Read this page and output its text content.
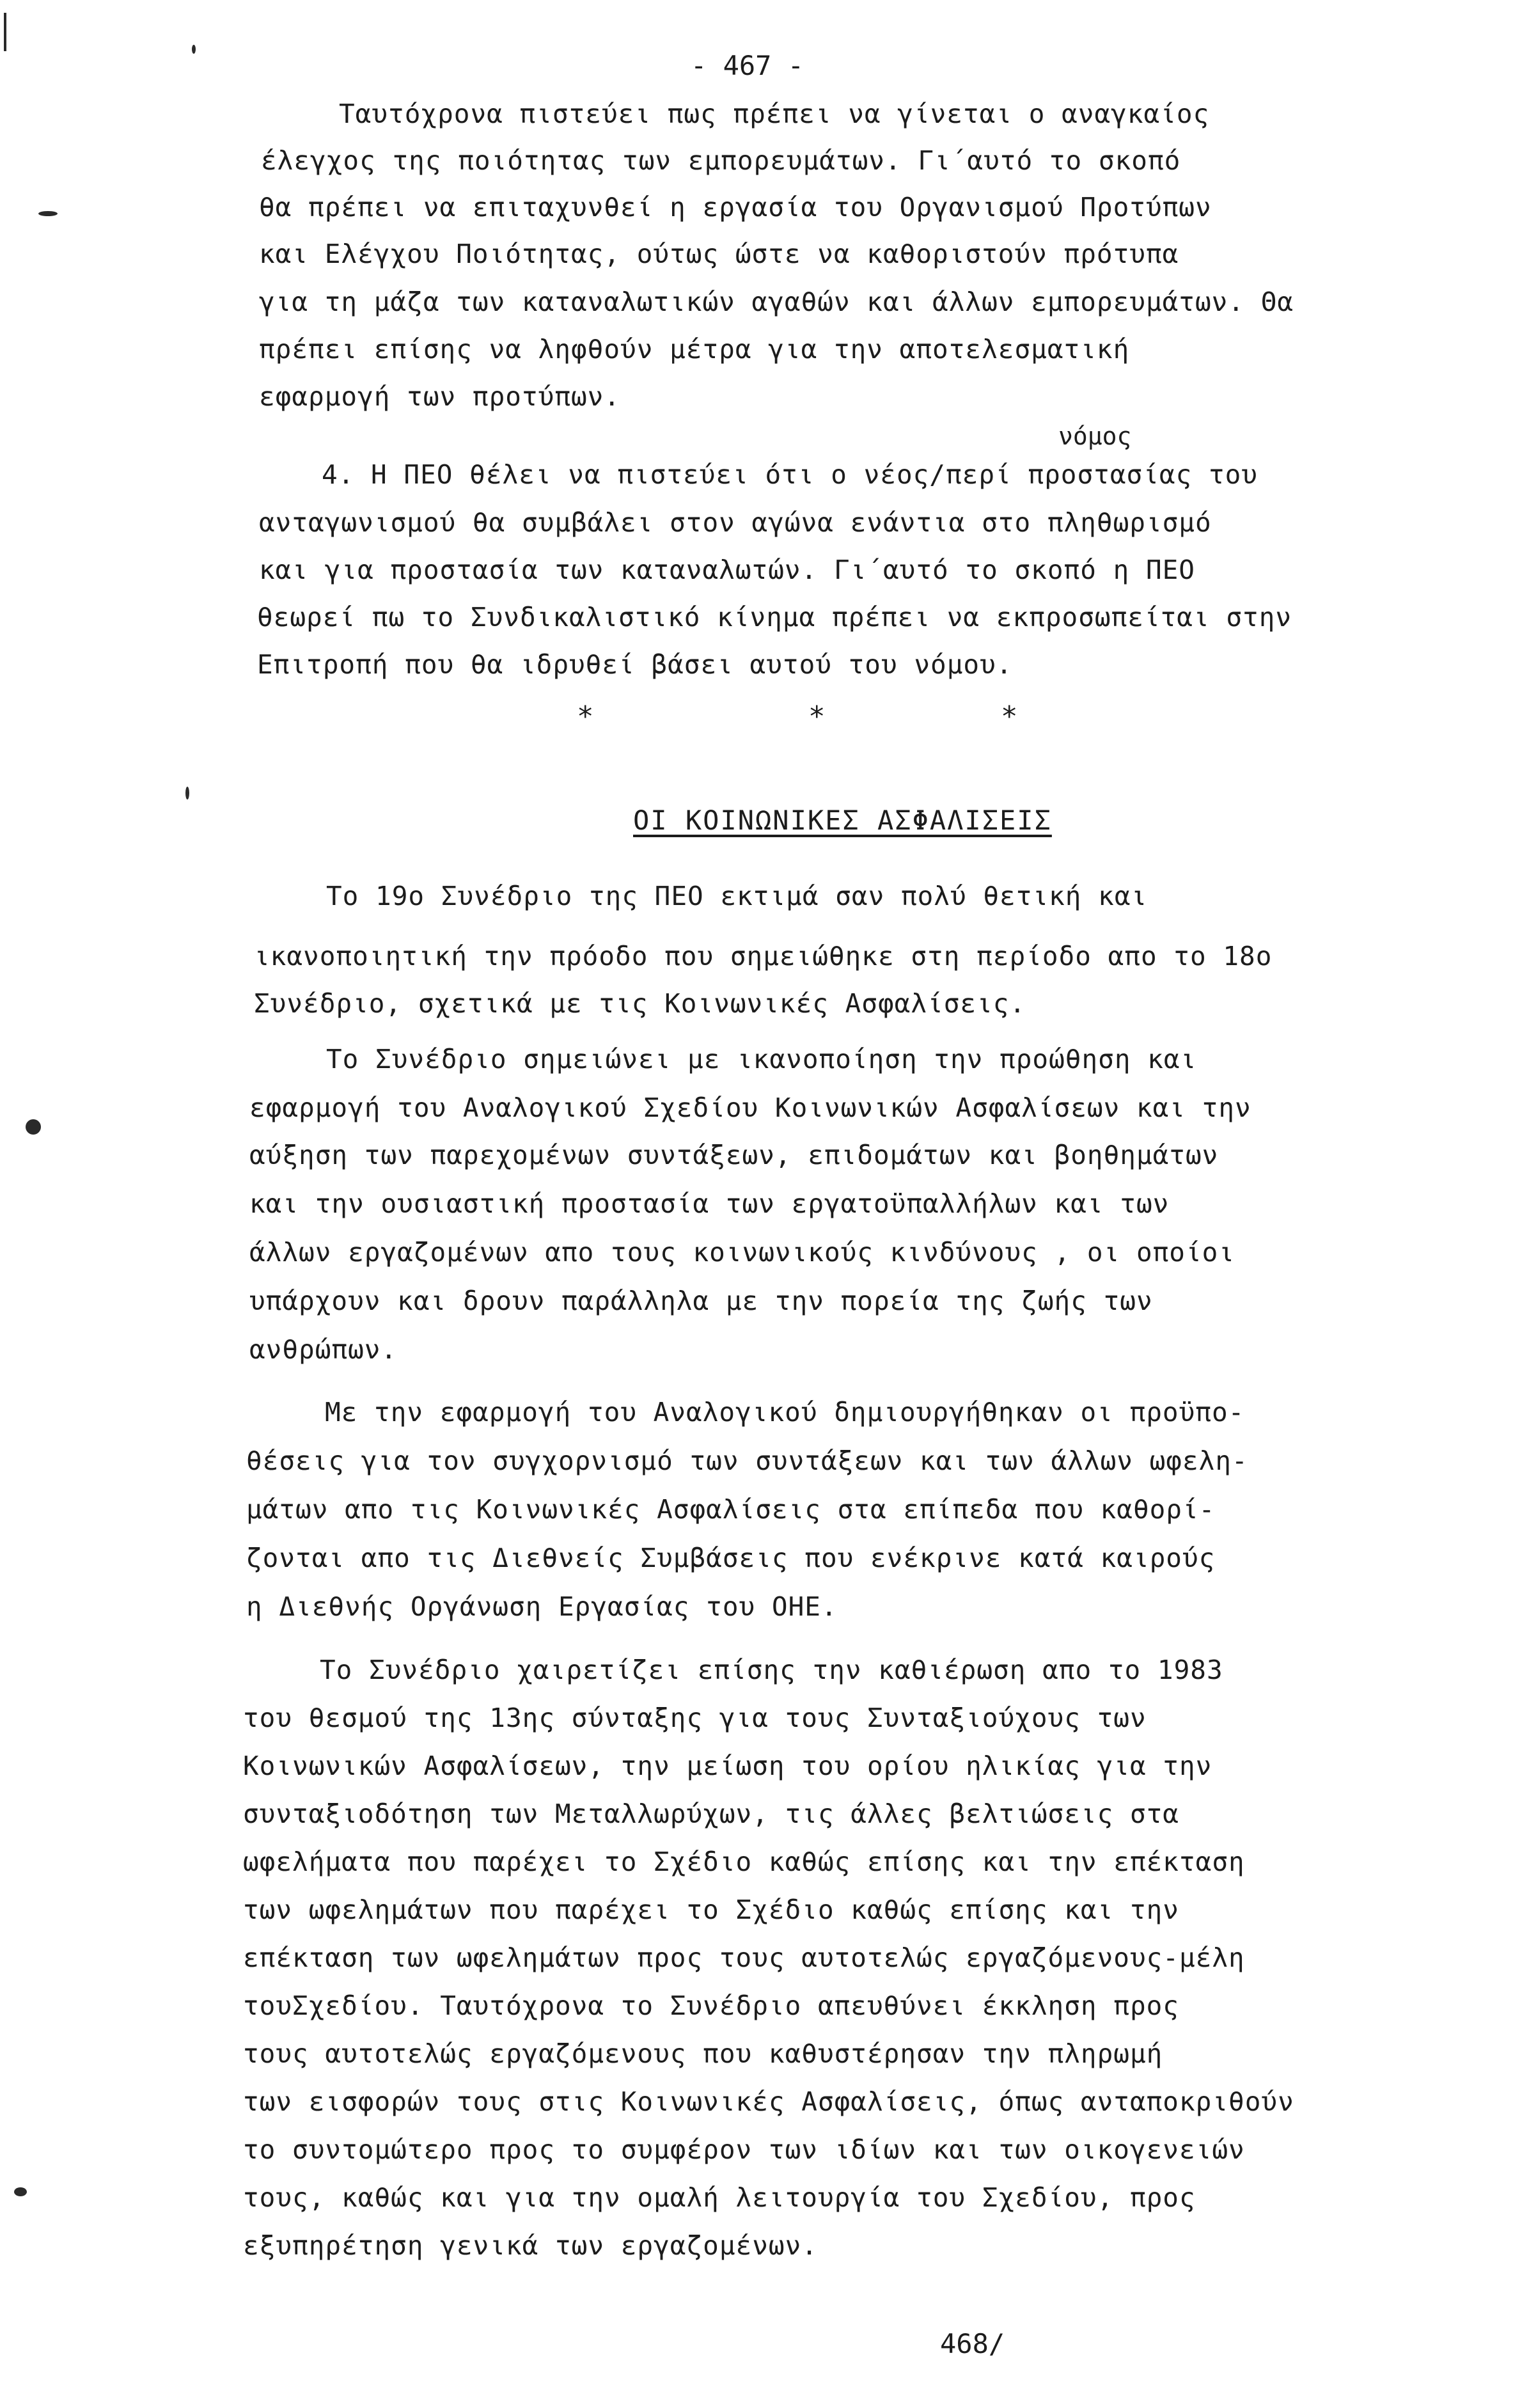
- 467 -
Ταυτόχρονα πιστεύει πως πρέπει να γίνεται ο αναγκαίος
έλεγχος της ποιότητας των εμπορευμάτων. Γι΄αυτό το σκοπό
θα πρέπει να επιταχυνθεί η εργασία του Οργανισμού Προτύπων
και Ελέγχου Ποιότητας, ούτως ώστε να καθοριστούν πρότυπα
για τη μάζα των καταναλωτικών αγαθών και άλλων εμπορευμάτων. Θα
πρέπει επίσης να ληφθούν μέτρα για την αποτελεσματική
εφαρμογή των προτύπων.
νόμος
4. Η ΠΕΟ θέλει να πιστεύει ότι ο νέος/περί προστασίας του
ανταγωνισμού θα συμβάλει στον αγώνα ενάντια στο πληθωρισμό
και για προστασία των καταναλωτών. Γι΄αυτό το σκοπό η ΠΕΟ
θεωρεί πω το Συνδικαλιστικό κίνημα πρέπει να εκπροσωπείται στην
Επιτροπή που θα ιδρυθεί βάσει αυτού του νόμου.
*	*	*
ΟΙ ΚΟΙΝΩΝΙΚΕΣ ΑΣΦΑΛΙΣΕΙΣ
Το 19ο Συνέδριο της ΠΕΟ εκτιμά σαν πολύ θετική και
ικανοποιητική την πρόοδο που σημειώθηκε στη περίοδο απο το 18ο
Συνέδριο, σχετικά με τις Κοινωνικές Ασφαλίσεις.
Το Συνέδριο σημειώνει με ικανοποίηση την προώθηση και
εφαρμογή του Αναλογικού Σχεδίου Κοινωνικών Ασφαλίσεων και την
αύξηση των παρεχομένων συντάξεων, επιδομάτων και βοηθημάτων
και την ουσιαστική προστασία των εργατοϋπαλλήλων και των
άλλων εργαζομένων απο τους κοινωνικούς κινδύνους , οι οποίοι
υπάρχουν και δρουν παράλληλα με την πορεία της ζωής των
ανθρώπων.
Με την εφαρμογή του Αναλογικού δημιουργήθηκαν οι προϋπο-
θέσεις για τον συγχορνισμό των συντάξεων και των άλλων ωφελη-
μάτων απο τις Κοινωνικές Ασφαλίσεις στα επίπεδα που καθορί-
ζονται απο τις Διεθνείς Συμβάσεις που ενέκρινε κατά καιρούς
η Διεθνής Οργάνωση Εργασίας του ΟΗΕ.
Το Συνέδριο χαιρετίζει επίσης την καθιέρωση απο το 1983
του θεσμού της 13ης σύνταξης για τους Συνταξιούχους των
Κοινωνικών Ασφαλίσεων, την μείωση του ορίου ηλικίας για την
συνταξιοδότηση των Μεταλλωρύχων, τις άλλες βελτιώσεις στα
ωφελήματα που παρέχει το Σχέδιο καθώς επίσης και την επέκταση
των ωφελημάτων που παρέχει το Σχέδιο καθώς επίσης και την
επέκταση των ωφελημάτων προς τους αυτοτελώς εργαζόμενους-μέλη
τουΣχεδίου. Ταυτόχρονα το Συνέδριο απευθύνει έκκληση προς
τους αυτοτελώς εργαζόμενους που καθυστέρησαν την πληρωμή
των εισφορών τους στις Κοινωνικές Ασφαλίσεις, όπως ανταποκριθούν
το συντομώτερο προς το συμφέρον των ιδίων και των οικογενειών
τους, καθώς και για την ομαλή λειτουργία του Σχεδίου, προς
εξυπηρέτηση γενικά των εργαζομένων.
468/
